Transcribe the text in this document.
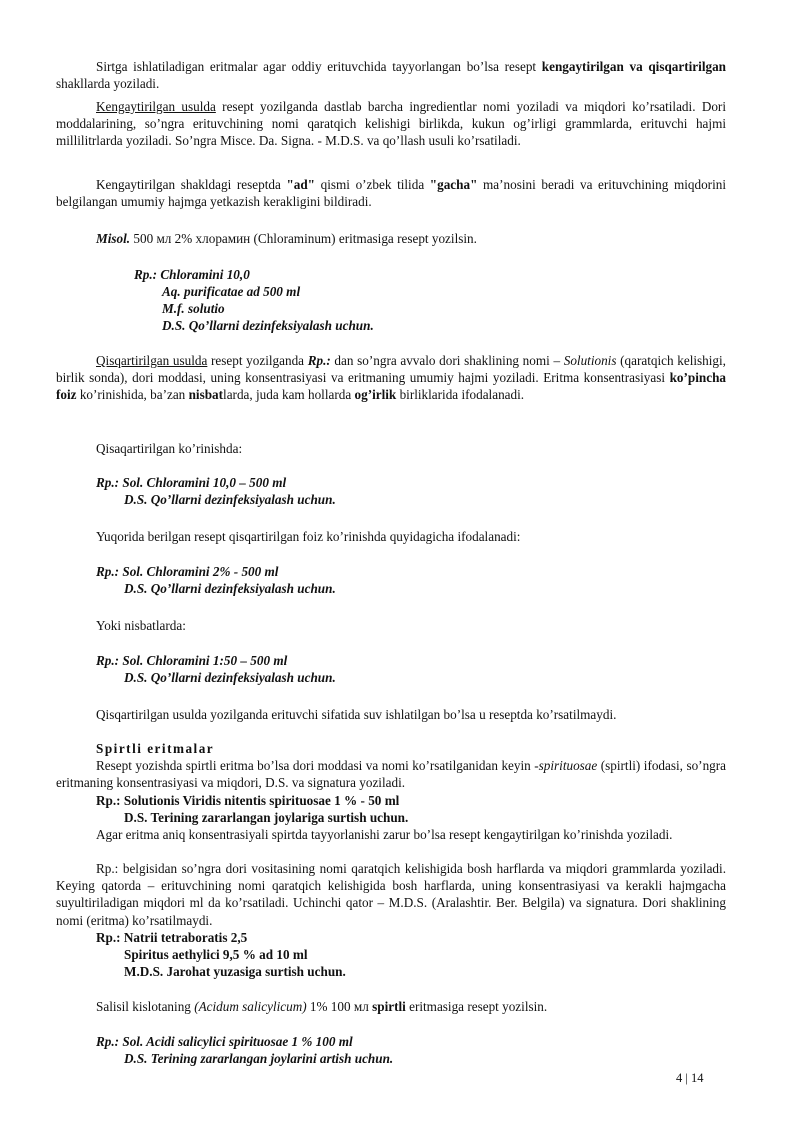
Sirtga ishlatiladigan eritmalar agar oddiy erituvchida tayyorlangan bo’lsa resept kengaytirilgan va qisqartirilgan shakllarda yoziladi.

Kengaytirilgan usulda resept yozilganda dastlab barcha ingredientlar nomi yoziladi va miqdori ko’rsatiladi. Dori moddalarining, so’ngra erituvchining nomi qaratqich kelishigi birlikda, kukun og’irligi grammlarda, erituvchi hajmi millilitrlarda yoziladi. So’ngra Misce. Da. Signa. - M.D.S. va qo’llash usuli ko’rsatiladi.

Kengaytirilgan shakldagi reseptda "ad" qismi o’zbek tilida "gacha" ma’nosini beradi va erituvchining miqdorini belgilangan umumiy hajmga yetkazish kerakligini bildiradi.

Misol. 500 мл 2% хлорамин (Chloraminum) eritmasiga resept yozilsin.

Rp.: Chloramini 10,0
Aq. purificatae ad 500 ml
M.f. solutio
D.S. Qo’llarni dezinfeksiyalash uchun.

Qisqartirilgan usulda resept yozilganda Rp.: dan so’ngra avvalo dori shaklining nomi – Solutionis (qaratqich kelishigi, birlik sonda), dori moddasi, uning konsentrasiyasi va eritmaning umumiy hajmi yoziladi. Eritma konsentrasiyasi ko’pincha foiz ko’rinishida, ba’zan nisbatlarda, juda kam hollarda og’irlik birliklarida ifodalanadi.

Qisaqartirilgan ko’rinishda:

Rp.: Sol. Chloramini 10,0 – 500 ml
D.S. Qo’llarni dezinfeksiyalash uchun.

Yuqorida berilgan resept qisqartirilgan foiz ko’rinishda quyidagicha ifodalanadi:

Rp.: Sol. Chloramini 2% - 500 ml
D.S. Qo’llarni dezinfeksiyalash uchun.

Yoki nisbatlarda:

Rp.: Sol. Chloramini 1:50 – 500 ml
D.S. Qo’llarni dezinfeksiyalash uchun.

Qisqartirilgan usulda yozilganda erituvchi sifatida suv ishlatilgan bo’lsa u reseptda ko’rsatilmaydi.

Spirtli eritmalar

Resept yozishda spirtli eritma bo’lsa dori moddasi va nomi ko’rsatilganidan keyin -spirituosae (spirtli) ifodasi, so’ngra eritmaning konsentrasiyasi va miqdori, D.S. va signatura yoziladi.

Rp.: Solutionis Viridis nitentis spirituosae 1 % - 50 ml
D.S. Terining zararlangan joylariga surtish uchun.

Agar eritma aniq konsentrasiyali spirtda tayyorlanishi zarur bo’lsa resept kengaytirilgan ko’rinishda yoziladi.

Rp.: belgisidan so’ngra dori vositasining nomi qaratqich kelishigida bosh harflarda va miqdori grammlarda yoziladi. Keying qatorda – erituvchining nomi qaratqich kelishigida bosh harflarda, uning konsentrasiyasi va kerakli hajmgacha suyultiriladigan miqdori ml da ko’rsatiladi. Uchinchi qator – M.D.S. (Aralashtir. Ber. Belgila) va signatura. Dori shaklining nomi (eritma) ko’rsatilmaydi.

Rp.: Natrii tetraboratis 2,5
Spiritus aethylici 9,5 % ad 10 ml
M.D.S. Jarohat yuzasiga surtish uchun.

Salisil kislotaning (Acidum salicylicum) 1% 100 мл spirtli eritmasiga resept yozilsin.

Rp.: Sol. Acidi salicylici spirituosae 1 % 100 ml
D.S. Terining zararlangan joylarini artish uchun.
4 | 14
